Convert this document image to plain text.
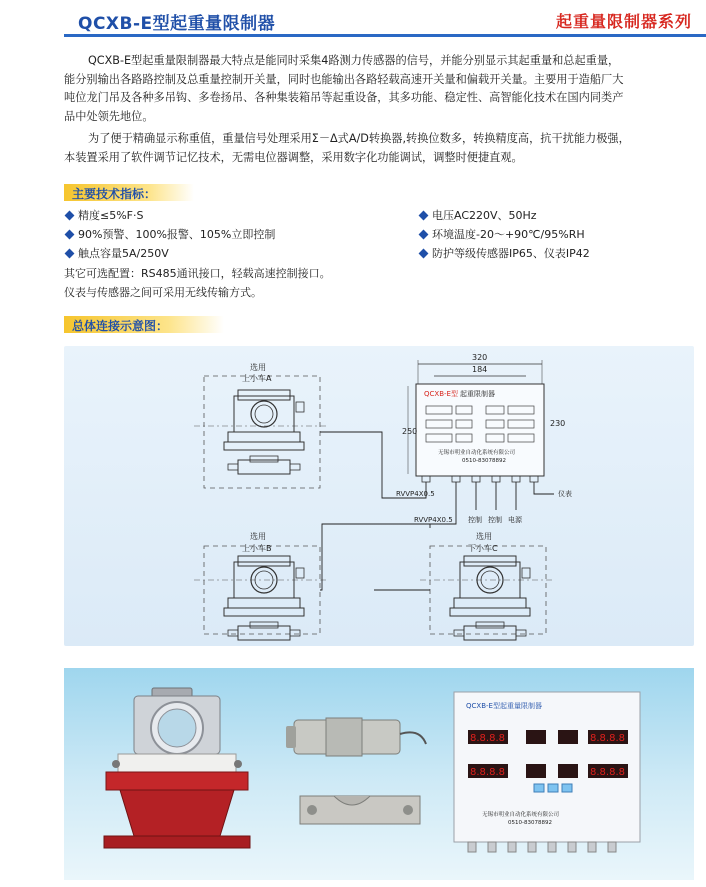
QCXB-E型起重量限制器	起重量限制器系列
QCXB-E型起重量限制器最大特点是能同时采集4路测力传感器的信号，并能分别显示其起重量和总起重量，
能分别输出各路路控制及总重量控制开关量，同时也能输出各路轻载高速开关量和偏载开关量。主要用于造船厂大
吨位龙门吊及各种多吊钩、多卷扬吊、各种集装箱吊等起重设备，其多功能、稳定性、高智能化技术在国内同类产
品中处领先地位。
为了便于精确显示称重值，重量信号处理采用Σ－Δ式A/D转换器,转换位数多，转换精度高，抗干扰能力极强，
本装置采用了软件调节记忆技术，无需电位器调整，采用数字化功能调试，调整时便捷直观。
主要技术指标：
精度≤5%F·S
90%预警、100%报警、105%立即控制
触点容量5A/250V
电压AC220V、50Hz
环境温度-20～+90℃/95%RH
防护等级传感器IP65、仪表IP42
其它可选配置：RS485通讯接口，轻载高速控制接口。
仪表与传感器之间可采用无线传输方式。
总体连接示意图：
选用
上小车A
选用
上小车B
选用
下小车C
320
184
QCXB-E型 起重限制器
无锡市明业自动化系统有限公司
0510-83078892
250
230
RVVP4X0.5
RVVP4X0.5 控制 控制 电源
仪表
QCXB-E型起重量限制器
8.8.8.8	8.8.8.8
8.8.8.8	8.8.8.8
无锡市明业自动化系统有限公司
0510-83078892
